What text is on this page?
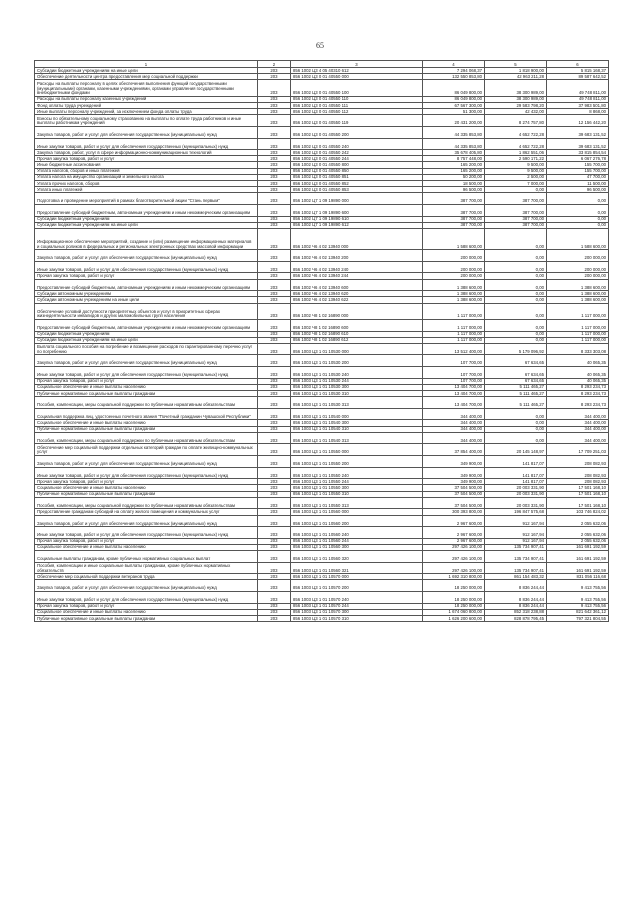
65
1	2	3	4	5	6
Субсидии бюджетным учреждениям на иные цели	203	856 1002 Ц3 4 05 40310 612	7 294 068,37	1 818 900,00	5 815 168,37
Обеспечение деятельности центра предоставления мер социальной поддержки	203	856 1002 Ц3 0 01 40550 000	132 550 853,80	42 963 211,28	89 587 642,52
Расходы на выплаты персоналу в целях обеспечения выполнения функций государственными (муниципальными) органами, казенными учреждениями, органами управления государственными внебюджетными фондами	203	856 1002 Ц3 0 01 40550 100	86 049 800,00	38 300 989,00	49 748 811,00
Расходы на выплаты персоналу казенных учреждений	203	856 1002 Ц3 0 01 40550 110	86 049 800,00	38 300 989,00	49 748 811,00
Фонд оплаты труда учреждений	203	856 1002 Ц3 0 01 40550 111	67 567 300,00	29 583 798,20	37 983 501,80
Иные выплаты персоналу учреждений, за исключением фонда оплаты труда	203	856 1002 Ц3 0 01 40550 112	51 300,00	42 432,00	8 868,00
Взносы по обязательному социальному страхованию на выплаты по оплате труда работников и иные выплаты работникам учреждений	203	856 1002 Ц3 0 01 40550 119	20 431 200,00	8 274 757,80	12 156 442,20
Закупка товаров, работ и услуг для обеспечения государственных (муниципальных) нужд	203	856 1002 Ц3 0 01 40550 200	44 335 853,80	4 652 722,28	39 683 131,52
Иные закупки товаров, работ и услуг для обеспечения государственных (муниципальных) нужд	203	856 1002 Ц3 0 01 40550 240	44 335 853,80	4 652 722,28	39 683 131,52
Закупка товаров, работ, услуг в сфере информационно-коммуникационных технологий	203	856 1002 Ц3 0 01 40550 242	35 678 405,80	1 862 551,06	33 815 854,54
Прочая закупка товаров, работ и услуг	203	856 1002 Ц3 0 01 40550 244	8 757 448,00	2 590 171,22	6 067 276,78
Иные бюджетные ассигнования	203	856 1002 Ц3 0 01 40550 800	165 200,00	9 500,00	155 700,00
Уплата налогов, сборов и иных платежей	203	856 1002 Ц3 0 01 40550 850	165 200,00	9 500,00	155 700,00
Уплата налога на имущество организаций и земельного налога	203	856 1002 Ц3 0 01 40550 851	50 200,00	2 500,00	47 700,00
Уплата прочих налогов, сборов	203	856 1002 Ц3 0 01 40550 852	18 500,00	7 000,00	11 500,00
Уплата иных платежей	203	856 1002 Ц3 0 01 40550 853	96 500,00	0,00	96 500,00
Подготовка и проведение мероприятий в рамках благотворительной акции "Стань первым"	203	856 1002 Ц7 1 09 19890 000	387 700,00	387 700,00	0,00
Предоставление субсидий бюджетным, автономным учреждениям и иным некоммерческим организациям	203	856 1002 Ц7 1 09 19890 600	387 700,00	387 700,00	0,00
Субсидии бюджетным учреждениям	203	856 1002 Ц7 1 09 19890 610	387 700,00	387 700,00	0,00
Субсидии бюджетным учреждениям на иные цели	203	856 1002 Ц7 1 09 19890 612	387 700,00	387 700,00	0,00
Информационное обеспечение мероприятий, создание и (или) размещение информационных материалов и социальных роликов в федеральных и региональных электронных средствах массовой информации	203	856 1002 Ч6 4 02 13940 000	1 588 600,00	0,00	1 588 600,00
Закупка товаров, работ и услуг для обеспечения государственных (муниципальных) нужд	203	856 1002 Ч6 4 02 13940 200	200 000,00	0,00	200 000,00
Иные закупки товаров, работ и услуг для обеспечения государственных (муниципальных) нужд	203	856 1002 Ч6 4 02 13940 240	200 000,00	0,00	200 000,00
Прочая закупка товаров, работ и услуг	203	856 1002 Ч6 4 02 13940 244	200 000,00	0,00	200 000,00
Предоставление субсидий бюджетным, автономным учреждениям и иным некоммерческим организациям	203	856 1002 Ч6 4 02 13940 600	1 388 600,00	0,00	1 388 600,00
Субсидии автономным учреждениям	203	856 1002 Ч6 4 02 13940 620	1 388 600,00	0,00	1 388 600,00
Субсидии автономным учреждениям на иные цели	203	856 1002 Ч6 4 02 13940 622	1 388 600,00	0,00	1 388 600,00
Обеспечение условий доступности приоритетных объектов и услуг в приоритетных сферах жизнедеятельности инвалидов и других маломобильных групп населения	203	856 1002 Ч8 1 02 16890 000	1 117 000,00	0,00	1 117 000,00
Предоставление субсидий бюджетным, автономным учреждениям и иным некоммерческим организациям	203	856 1002 Ч8 1 02 16890 600	1 117 000,00	0,00	1 117 000,00
Субсидии бюджетным учреждениям	203	856 1002 Ч8 1 02 16890 610	1 117 000,00	0,00	1 117 000,00
Субсидии бюджетным учреждениям на иные цели	203	856 1002 Ч8 1 02 16890 612	1 117 000,00	0,00	1 117 000,00
Выплата социального пособия на погребение и возмещение расходов по гарантированному перечню услуг по погребению	203	856 1003 Ц3 1 01 10530 000	13 512 400,00	5 179 096,92	8 333 303,08
Закупка товаров, работ и услуг для обеспечения государственных (муниципальных) нужд	203	856 1003 Ц3 1 01 10530 200	107 700,00	67 634,65	40 065,35
Иные закупки товаров, работ и услуг для обеспечения государственных (муниципальных) нужд	203	856 1003 Ц3 1 01 10530 240	107 700,00	67 634,65	40 065,35
Прочая закупка товаров, работ и услуг	203	856 1003 Ц3 1 01 10530 244	107 700,00	67 634,65	40 065,35
Социальное обеспечение и иные выплаты населению	203	856 1003 Ц3 1 01 10530 300	13 404 700,00	5 111 465,27	8 293 234,73
Публичные нормативные социальные выплаты гражданам	203	856 1003 Ц3 1 01 10530 310	13 404 700,00	5 111 465,27	8 293 234,73
Пособия, компенсации, меры социальной поддержки по публичным нормативным обязательствам	203	856 1003 Ц3 1 01 10530 313	13 404 700,00	5 111 465,27	8 293 234,73
Социальная поддержка лиц, удостоенных почетного звания "Почетный гражданин Чувашской Республики"	203	856 1003 Ц3 1 01 10540 000	344 400,00	0,00	344 400,00
Социальное обеспечение и иные выплаты населению	203	856 1003 Ц3 1 01 10540 300	344 400,00	0,00	344 400,00
Публичные нормативные социальные выплаты гражданам	203	856 1003 Ц3 1 01 10540 310	344 400,00	0,00	344 400,00
Пособия, компенсации, меры социальной поддержки по публичным нормативным обязательствам	203	856 1003 Ц3 1 01 10540 313	344 400,00	0,00	344 400,00
Обеспечение мер социальной поддержки отдельных категорий граждан по оплате жилищно-коммунальных услуг	203	856 1003 Ц3 1 01 10550 000	37 854 400,00	20 145 148,97	17 709 251,03
Закупка товаров, работ и услуг для обеспечения государственных (муниципальных) нужд	203	856 1003 Ц3 1 01 10550 200	349 900,00	141 817,07	208 082,93
Иные закупки товаров, работ и услуг для обеспечения государственных (муниципальных) нужд	203	856 1003 Ц3 1 01 10550 240	349 900,00	141 817,07	208 082,93
Прочая закупка товаров, работ и услуг	203	856 1003 Ц3 1 01 10550 244	349 900,00	141 817,07	208 082,93
Социальное обеспечение и иные выплаты населению	203	856 1003 Ц3 1 01 10550 300	37 504 500,00	20 003 331,90	17 501 168,10
Публичные нормативные социальные выплаты гражданам	203	856 1003 Ц3 1 01 10550 310	37 504 500,00	20 003 331,90	17 501 168,10
Пособия, компенсации, меры социальной поддержки по публичным нормативным обязательствам	203	856 1003 Ц3 1 01 10550 313	37 504 500,00	20 003 331,90	17 501 168,10
Предоставление гражданам субсидий на оплату жилого помещения и коммунальных услуг	203	856 1003 Ц3 1 01 10560 000	300 393 800,00	196 847 575,68	103 746 824,02
Закупка товаров, работ и услуг для обеспечения государственных (муниципальных) нужд	203	856 1003 Ц3 1 01 10560 200	2 967 600,00	912 167,94	2 055 632,06
Иные закупки товаров, работ и услуг для обеспечения государственных (муниципальных) нужд	203	856 1003 Ц3 1 01 10560 240	2 967 600,00	912 167,94	2 055 632,06
Прочая закупка товаров, работ и услуг	203	856 1003 Ц3 1 01 10560 244	2 967 600,00	912 167,94	2 055 632,06
Социальное обеспечение и иные выплаты населению	203	856 1003 Ц3 1 01 10560 300	297 426 100,00	135 734 907,41	161 691 192,59
Социальные выплаты гражданам, кроме публичных нормативных социальных выплат	203	856 1003 Ц3 1 01 10560 320	297 426 100,00	135 734 907,41	161 691 192,59
Пособия, компенсации и иные социальные выплаты гражданам, кроме публичных нормативных обязательств	203	856 1003 Ц3 1 01 10560 321	297 426 100,00	135 734 907,41	161 691 192,59
Обеспечение мер социальной поддержки ветеранов труда	203	856 1003 Ц3 1 01 10570 000	1 692 310 800,00	861 154 483,32	831 056 116,68
Закупка товаров, работ и услуг для обеспечения государственных (муниципальных) нужд	203	856 1003 Ц3 1 01 10570 200	18 250 000,00	8 836 244,44	9 413 755,56
Иные закупки товаров, работ и услуг для обеспечения государственных (муниципальных) нужд	203	856 1003 Ц3 1 01 10570 240	18 250 000,00	8 836 244,44	9 413 755,56
Прочая закупка товаров, работ и услуг	203	856 1003 Ц3 1 01 10570 244	18 250 000,00	8 836 244,44	9 413 755,56
Социальное обеспечение и иные выплаты населению	203	856 1003 Ц3 1 01 10570 300	1 674 060 800,00	852 318 238,88	821 642 361,12
Публичные нормативные социальные выплаты гражданам	203	856 1003 Ц3 1 01 10570 310	1 626 200 600,00	828 878 795,45	797 321 804,55
